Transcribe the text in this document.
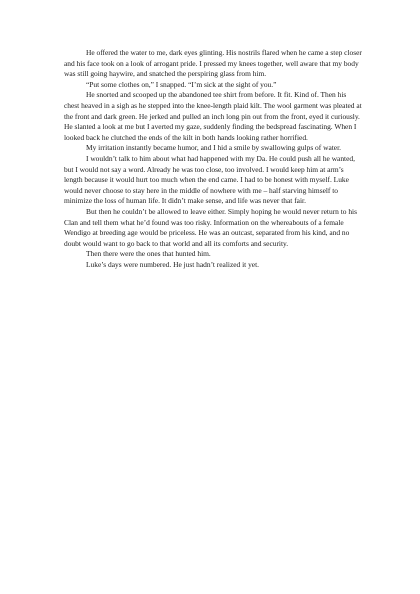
He offered the water to me, dark eyes glinting. His nostrils flared when he came a step closer and his face took on a look of arrogant pride. I pressed my knees together, well aware that my body was still going haywire, and snatched the perspiring glass from him.

“Put some clothes on,” I snapped. “I’m sick at the sight of you.”

He snorted and scooped up the abandoned tee shirt from before. It fit. Kind of. Then his chest heaved in a sigh as he stepped into the knee-length plaid kilt. The wool garment was pleated at the front and dark green. He jerked and pulled an inch long pin out from the front, eyed it curiously. He slanted a look at me but I averted my gaze, suddenly finding the bedspread fascinating. When I looked back he clutched the ends of the kilt in both hands looking rather horrified.

My irritation instantly became humor, and I hid a smile by swallowing gulps of water.

I wouldn’t talk to him about what had happened with my Da. He could push all he wanted, but I would not say a word. Already he was too close, too involved. I would keep him at arm’s length because it would hurt too much when the end came. I had to be honest with myself. Luke would never choose to stay here in the middle of nowhere with me – half starving himself to minimize the loss of human life. It didn’t make sense, and life was never that fair.

But then he couldn’t be allowed to leave either. Simply hoping he would never return to his Clan and tell them what he’d found was too risky. Information on the whereabouts of a female Wendigo at breeding age would be priceless. He was an outcast, separated from his kind, and no doubt would want to go back to that world and all its comforts and security.

Then there were the ones that hunted him.

Luke’s days were numbered. He just hadn’t realized it yet.
